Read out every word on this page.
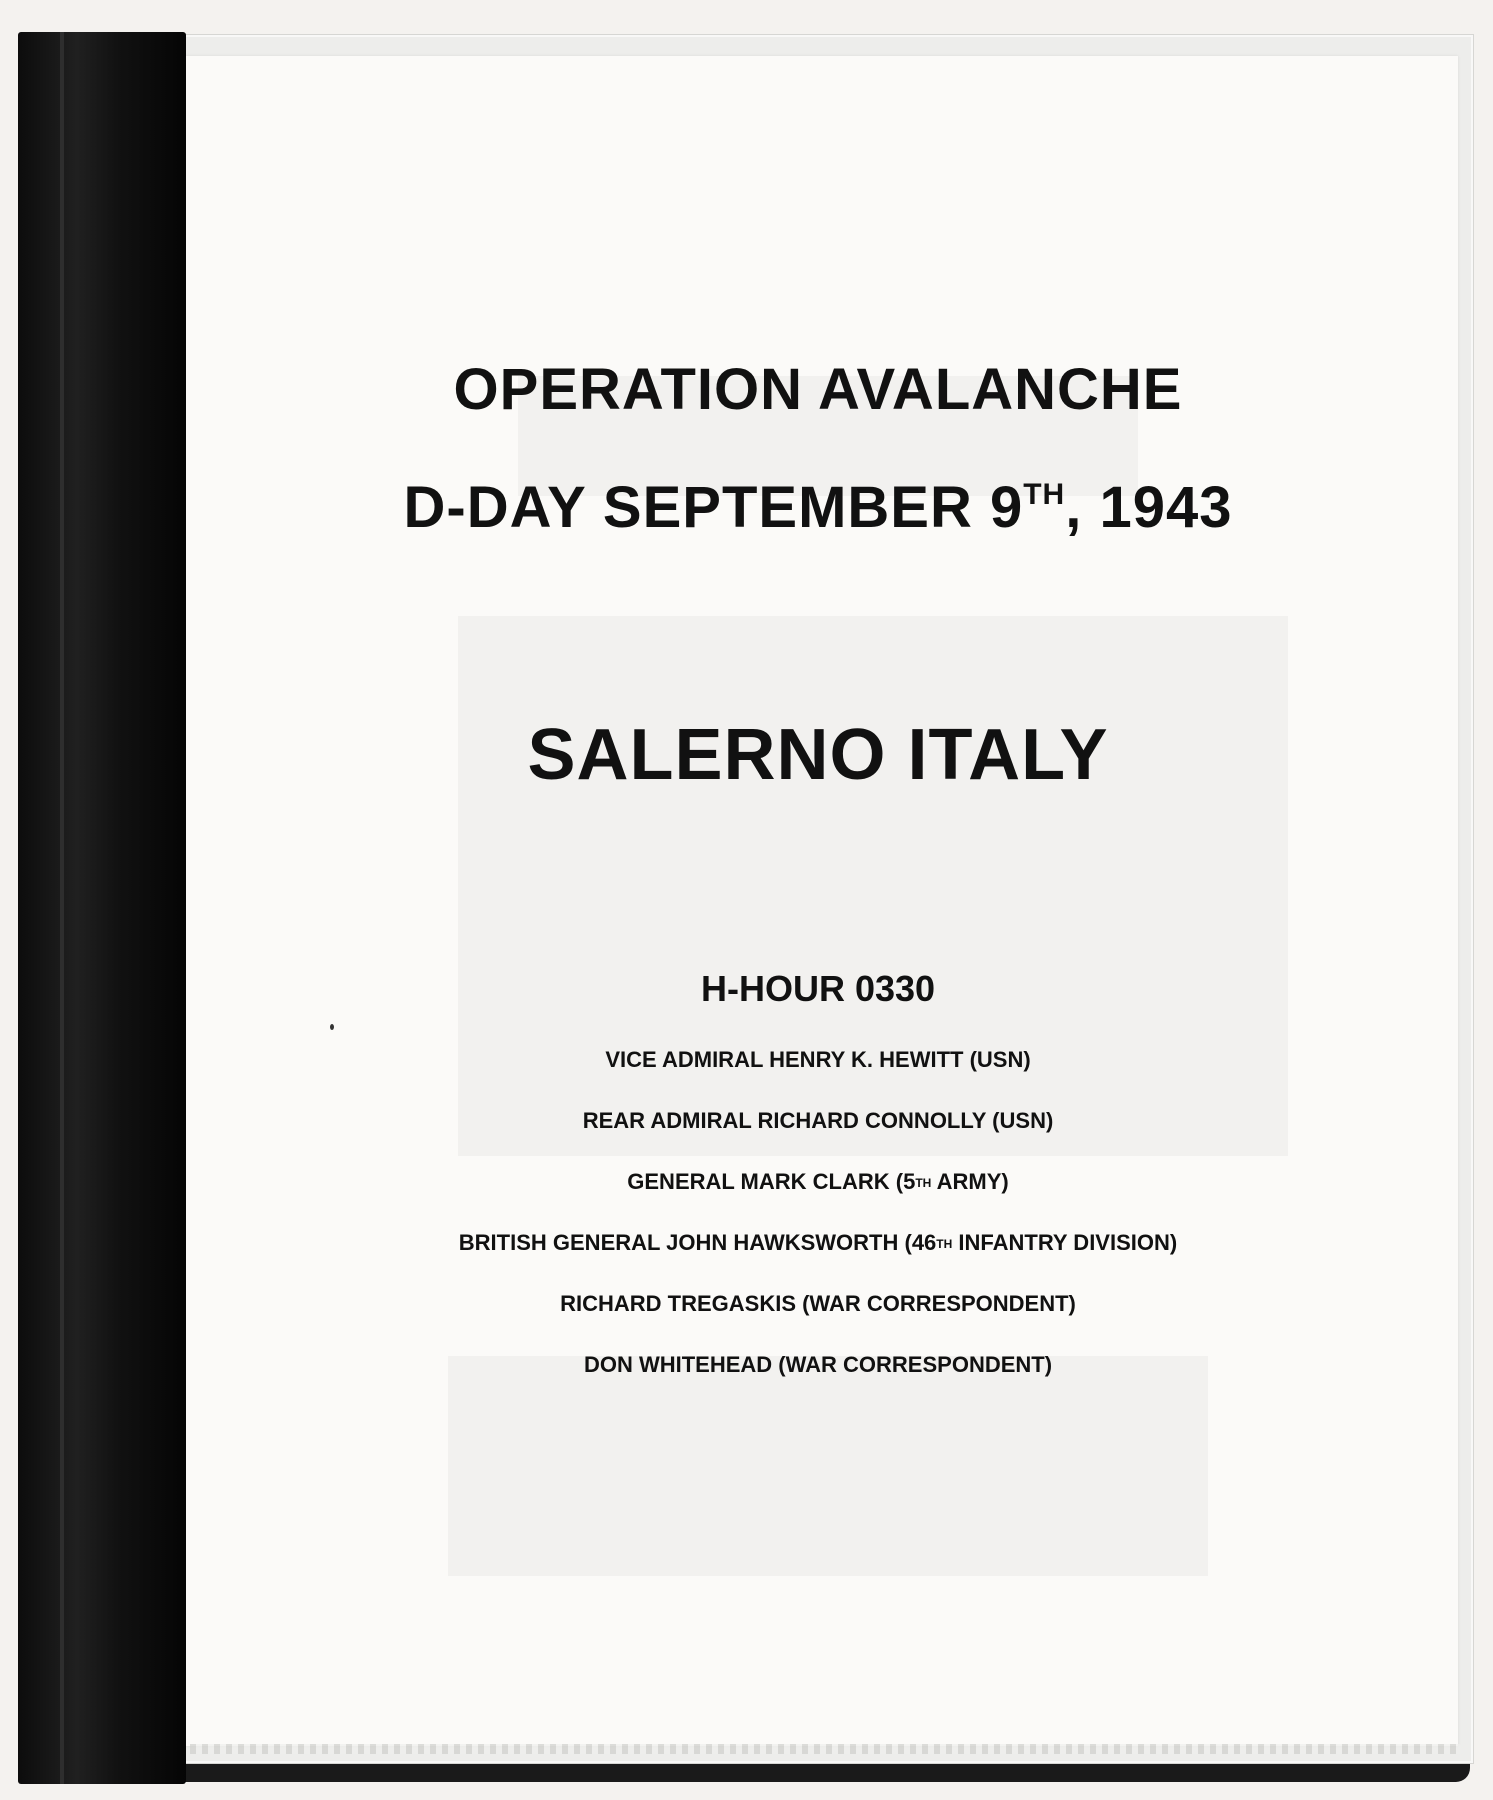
OPERATION AVALANCHE
D-DAY SEPTEMBER 9TH, 1943
SALERNO ITALY
H-HOUR 0330
VICE ADMIRAL HENRY K. HEWITT (USN)
REAR ADMIRAL RICHARD CONNOLLY (USN)
GENERAL MARK CLARK (5TH ARMY)
BRITISH GENERAL JOHN HAWKSWORTH (46TH INFANTRY DIVISION)
RICHARD TREGASKIS (WAR CORRESPONDENT)
DON WHITEHEAD (WAR CORRESPONDENT)
